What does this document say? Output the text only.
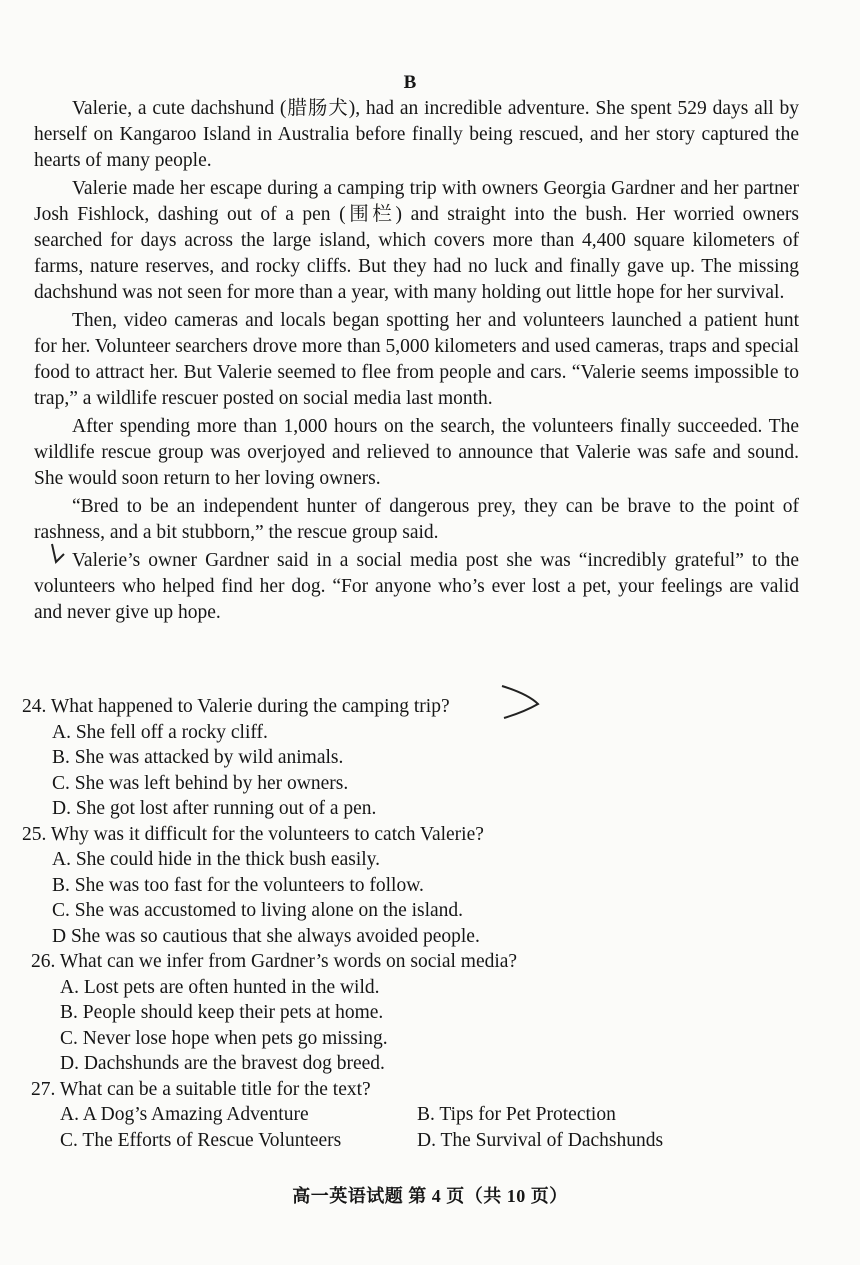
B

Valerie, a cute dachshund (腊肠犬), had an incredible adventure. She spent 529 days all by herself on Kangaroo Island in Australia before finally being rescued, and her story captured the hearts of many people.

Valerie made her escape during a camping trip with owners Georgia Gardner and her partner Josh Fishlock, dashing out of a pen (围栏) and straight into the bush. Her worried owners searched for days across the large island, which covers more than 4,400 square kilometers of farms, nature reserves, and rocky cliffs. But they had no luck and finally gave up. The missing dachshund was not seen for more than a year, with many holding out little hope for her survival.

Then, video cameras and locals began spotting her and volunteers launched a patient hunt for her. Volunteer searchers drove more than 5,000 kilometers and used cameras, traps and special food to attract her. But Valerie seemed to flee from people and cars. “Valerie seems impossible to trap,” a wildlife rescuer posted on social media last month.

After spending more than 1,000 hours on the search, the volunteers finally succeeded. The wildlife rescue group was overjoyed and relieved to announce that Valerie was safe and sound. She would soon return to her loving owners.

“Bred to be an independent hunter of dangerous prey, they can be brave to the point of rashness, and a bit stubborn,” the rescue group said.

Valerie’s owner Gardner said in a social media post she was “incredibly grateful” to the volunteers who helped find her dog. “For anyone who’s ever lost a pet, your feelings are valid and never give up hope.

24. What happened to Valerie during the camping trip?

A. She fell off a rocky cliff.

B. She was attacked by wild animals.

C. She was left behind by her owners.

D. She got lost after running out of a pen.

25. Why was it difficult for the volunteers to catch Valerie?

A. She could hide in the thick bush easily.

B. She was too fast for the volunteers to follow.

C. She was accustomed to living alone on the island.

D She was so cautious that she always avoided people.

26. What can we infer from Gardner’s words on social media?

A. Lost pets are often hunted in the wild.

B. People should keep their pets at home.

C. Never lose hope when pets go missing.

D. Dachshunds are the bravest dog breed.

27. What can be a suitable title for the text?

A. A Dog’s Amazing Adventure	B. Tips for Pet Protection
C. The Efforts of Rescue Volunteers	D. The Survival of Dachshunds
高一英语试题 第 4 页（共 10 页）
